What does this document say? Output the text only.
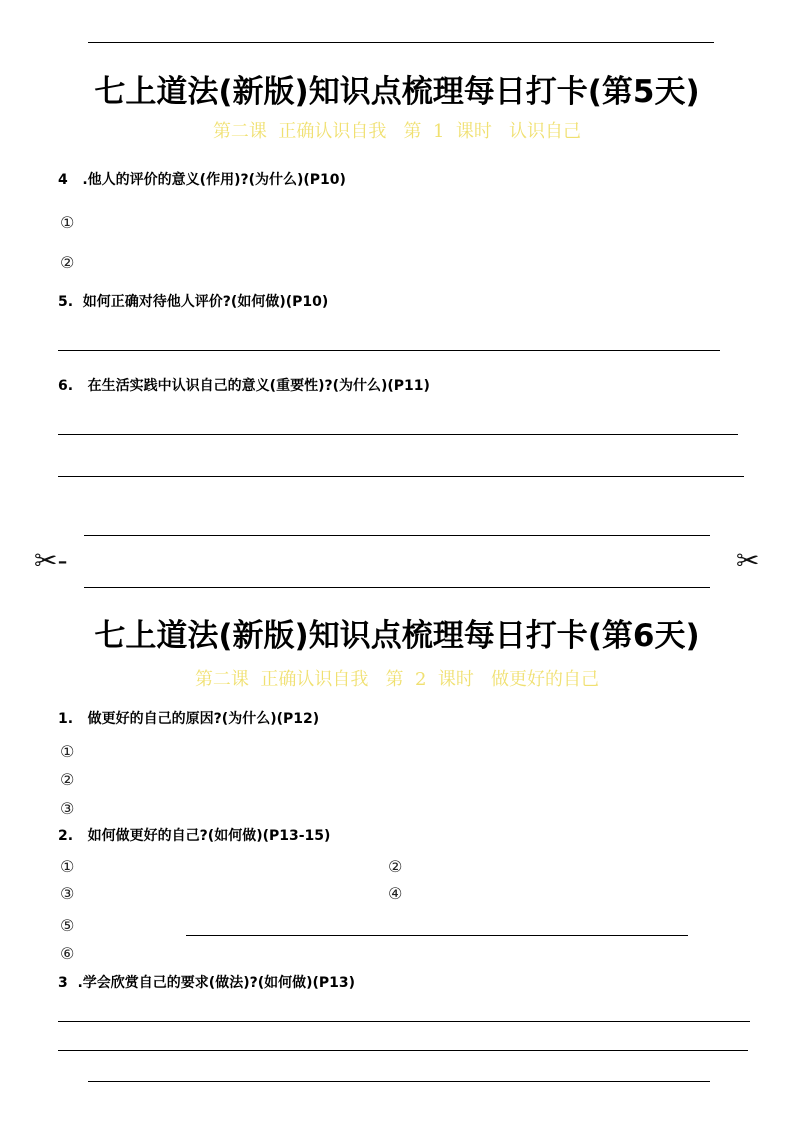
七上道法(新版)知识点梳理每日打卡(第5天)
第二课  正确认识自我   第  1  课时   认识自己
4   .他人的评价的意义(作用)?(为什么)(P10)
①
②
5.  如何正确对待他人评价?(如何做)(P10)
6.   在生活实践中认识自己的意义(重要性)?(为什么)(P11)
✂-	✂
七上道法(新版)知识点梳理每日打卡(第6天)
第二课  正确认识自我   第  2  课时   做更好的自己
1.   做更好的自己的原因?(为什么)(P12)
①
②
③
2.   如何做更好的自己?(如何做)(P13-15)
①	②
③	④
⑤
⑥
3  .学会欣赏自己的要求(做法)?(如何做)(P13)
